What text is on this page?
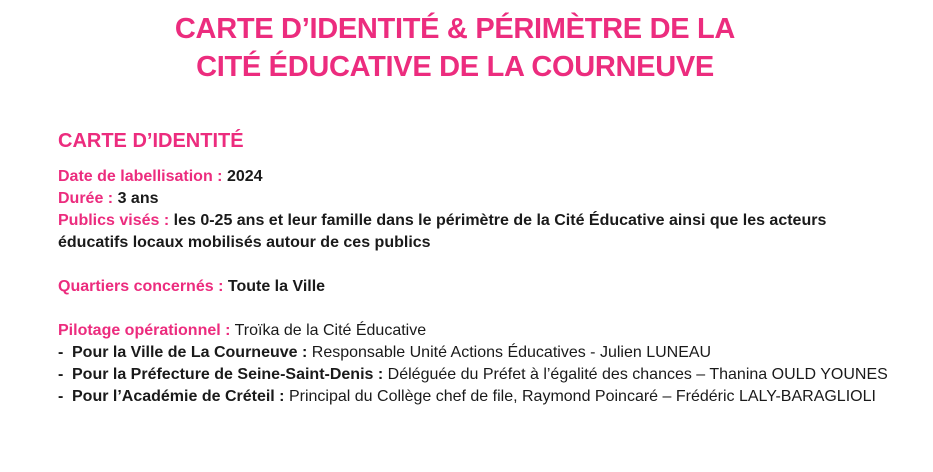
CARTE D’IDENTITÉ & PÉRIMÈTRE DE LA
CITÉ ÉDUCATIVE DE LA COURNEUVE
CARTE D’IDENTITÉ

Date de labellisation : 2024

Durée : 3 ans

Publics visés : les 0-25 ans et leur famille dans le périmètre de la Cité Éducative ainsi que les acteurs éducatifs locaux mobilisés autour de ces publics

Quartiers concernés : Toute la Ville

Pilotage opérationnel : Troïka de la Cité Éducative

- Pour la Ville de La Courneuve : Responsable Unité Actions Éducatives - Julien LUNEAU
- Pour la Préfecture de Seine-Saint-Denis : Déléguée du Préfet à l’égalité des chances – Thanina OULD YOUNES
- Pour l’Académie de Créteil : Principal du Collège chef de file, Raymond Poincaré – Frédéric LALY-BARAGLIOLI
